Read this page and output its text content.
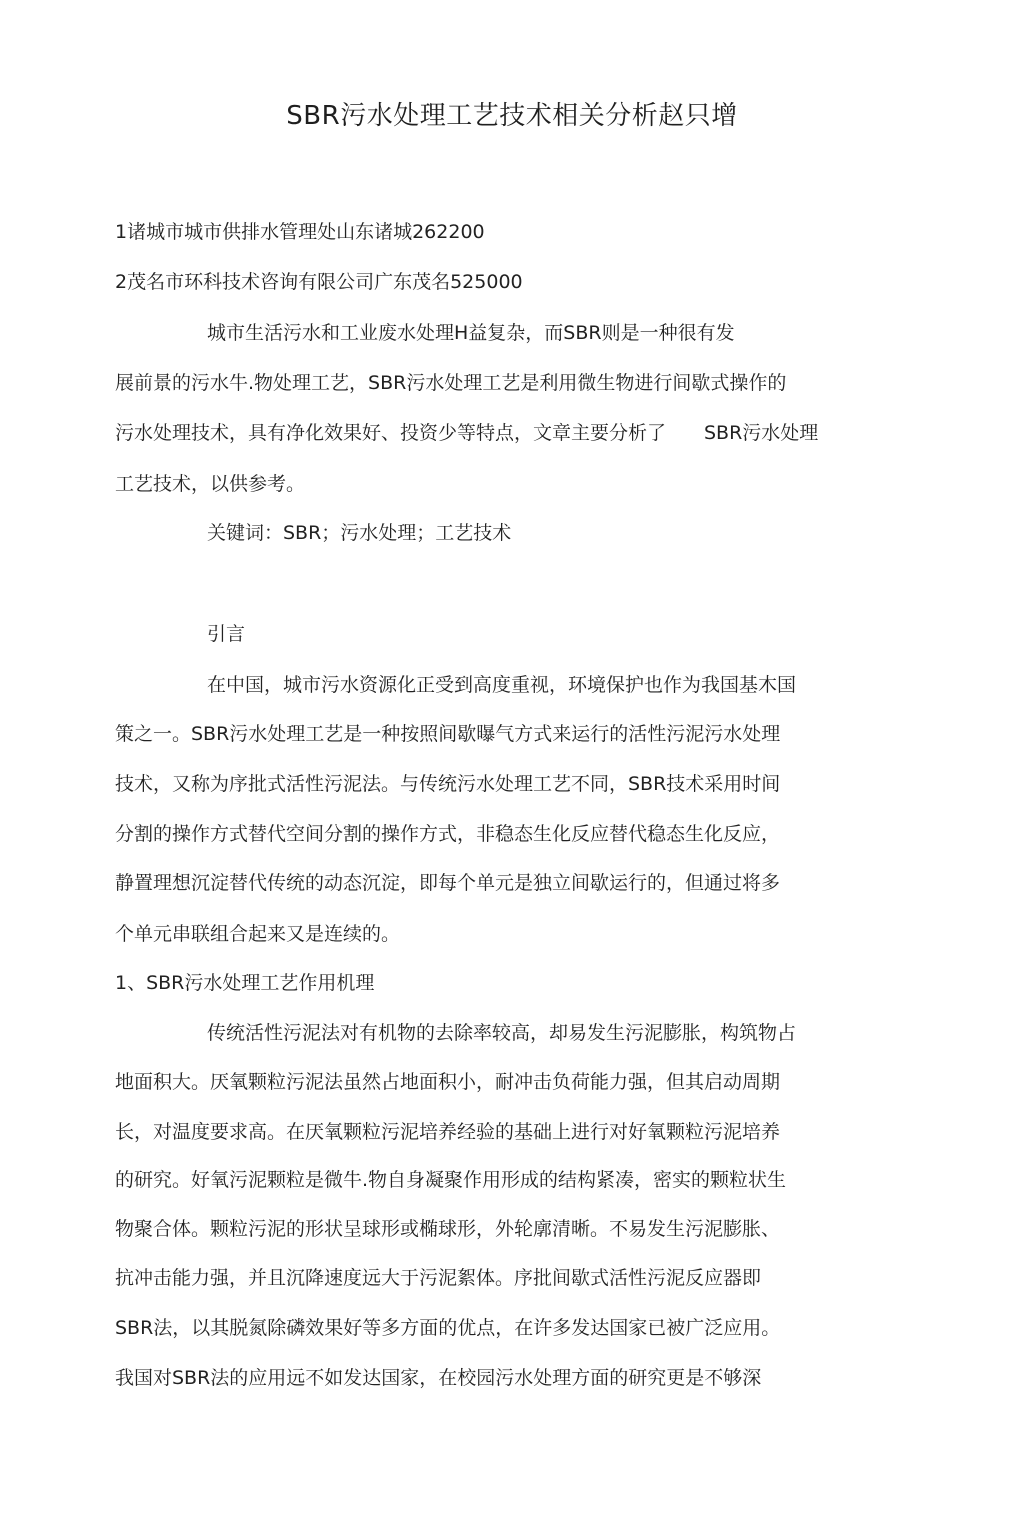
SBR污水处理工艺技术相关分析赵只增
1诸城市城市供排水管理处山东诸城262200
2茂名市环科技术咨询有限公司广东茂名525000
城市生活污水和工业废水处理H益复杂，而SBR则是一种很有发
展前景的污水牛.物处理工艺，SBR污水处理工艺是利用微生物进行间歇式操作的
污水处理技术，具有净化效果好、投资少等特点，文章主要分析了　　SBR污水处理
工艺技术，以供参考。
关键词：SBR；污水处理；工艺技术
引言
在中国，城市污水资源化正受到高度重视，环境保护也作为我国基木国
策之一。SBR污水处理工艺是一种按照间歇曝气方式来运行的活性污泥污水处理
技术，又称为序批式活性污泥法。与传统污水处理工艺不同，SBR技术采用时间
分割的操作方式替代空间分割的操作方式，非稳态生化反应替代稳态生化反应，
静置理想沉淀替代传统的动态沉淀，即每个单元是独立间歇运行的，但通过将多
个单元串联组合起来又是连续的。
1、SBR污水处理工艺作用机理
传统活性污泥法对有机物的去除率较高，却易发生污泥膨胀，构筑物占
地面积大。厌氧颗粒污泥法虽然占地面积小，耐冲击负荷能力强，但其启动周期
长，对温度要求高。在厌氧颗粒污泥培养经验的基础上进行对好氧颗粒污泥培养
的研究。好氧污泥颗粒是微牛.物自身凝聚作用形成的结构紧凑，密实的颗粒状生
物聚合体。颗粒污泥的形状呈球形或椭球形，外轮廓清晰。不易发生污泥膨胀、
抗冲击能力强，并且沉降速度远大于污泥絮体。序批间歇式活性污泥反应器即
SBR法，以其脱氮除磷效果好等多方面的优点，在许多发达国家已被广泛应用。
我国对SBR法的应用远不如发达国家，在校园污水处理方面的研究更是不够深
